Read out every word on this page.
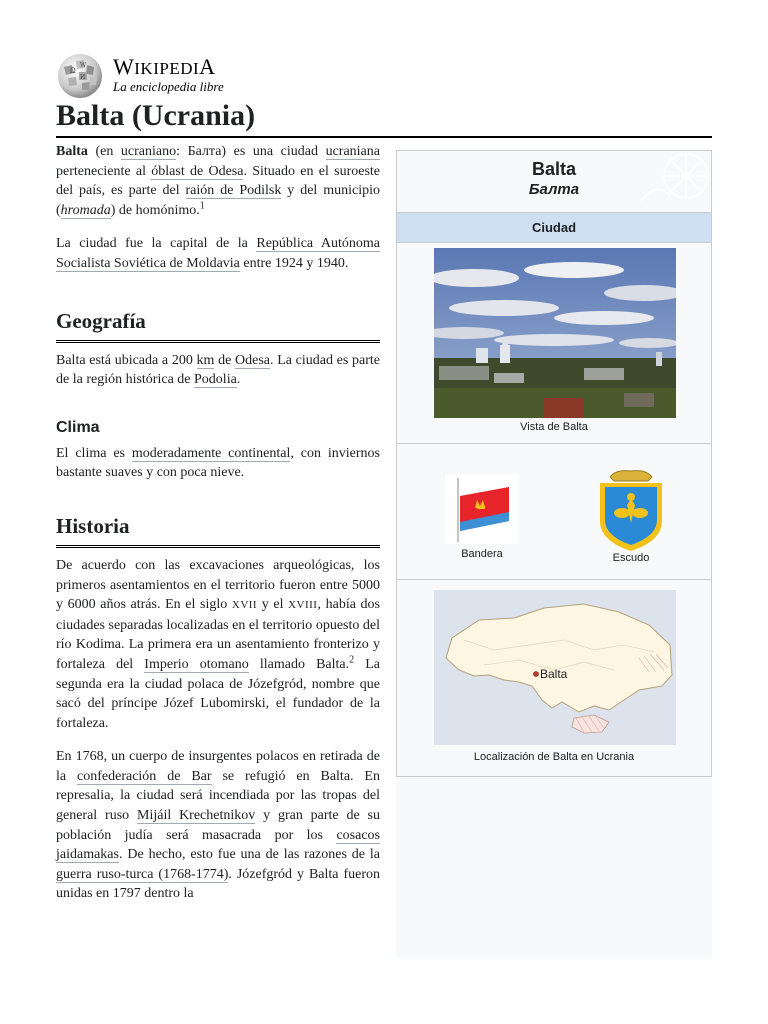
Ω
W
И WIKIPEDIA
La enciclopedia libre
Balta (Ucrania)

Balta (en ucraniano: Балта) es una ciudad ucraniana perteneciente al óblast de Odesa. Situado en el suroeste del país, es parte del raión de Podilsk y del municipio (hromada) de homónimo.$^1$

La ciudad fue la capital de la República Autónoma Socialista Soviética de Moldavia entre 1924 y 1940.

Geografía

Balta está ubicada a 200 km de Odesa. La ciudad es parte de la región histórica de Podolia.

Clima

El clima es moderadamente continental, con inviernos bastante suaves y con poca nieve.

Historia

De acuerdo con las excavaciones arqueológicas, los primeros asentamientos en el territorio fueron entre 5000 y 6000 años atrás. En el siglo XVII y el XVIII, había dos ciudades separadas localizadas en el territorio opuesto del río Kodima. La primera era un asentamiento fronterizo y fortaleza del Imperio otomano llamado Balta.$^2$ La segunda era la ciudad polaca de Józefgród, nombre que sacó del príncipe Józef Lubomirski, el fundador de la fortaleza.

En 1768, un cuerpo de insurgentes polacos en retirada de la confederación de Bar se refugió en Balta. En represalia, la ciudad será incendiada por las tropas del general ruso Mijáil Krechetnikov y gran parte de su población judía será masacrada por los cosacos jaidamakas. De hecho, esto fue una de las razones de la guerra ruso-turca (1768-1774). Józefgród y Balta fueron unidas en 1797 dentro la

Balta
Балта
Ciudad
Vista de Balta
Bandera	Escudo
Balta
Localización de Balta en Ucrania
